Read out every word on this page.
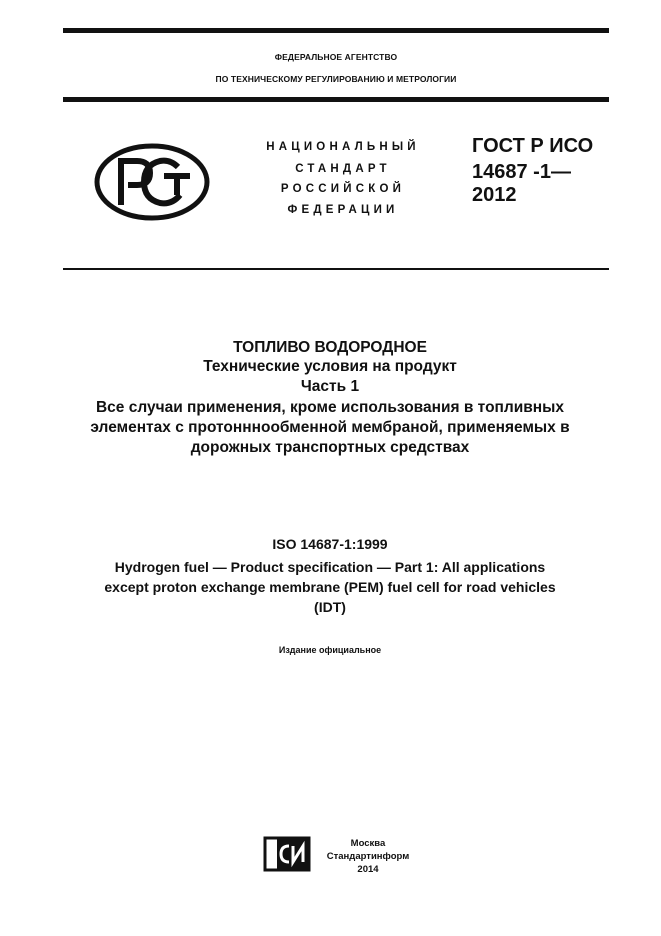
ФЕДЕРАЛЬНОЕ АГЕНТСТВО
ПО ТЕХНИЧЕСКОМУ РЕГУЛИРОВАНИЮ И МЕТРОЛОГИИ
НАЦИОНАЛЬНЫЙ
СТАНДАРТ
РОССИЙСКОЙ
ФЕДЕРАЦИИ
ГОСТ Р ИСО
14687 -1—
2012
ТОПЛИВО ВОДОРОДНОЕ
Технические условия на продукт
Часть 1
Все случаи применения, кроме использования в топливных
элементах с протонннообменной мембраной, применяемых в
дорожных транспортных средствах
ISO 14687-1:1999
Hydrogen fuel — Product specification — Part 1: All applications
except proton exchange membrane (PEM) fuel cell for road vehicles
(IDT)
Издание официальное
Москва
Стандартинформ
2014
